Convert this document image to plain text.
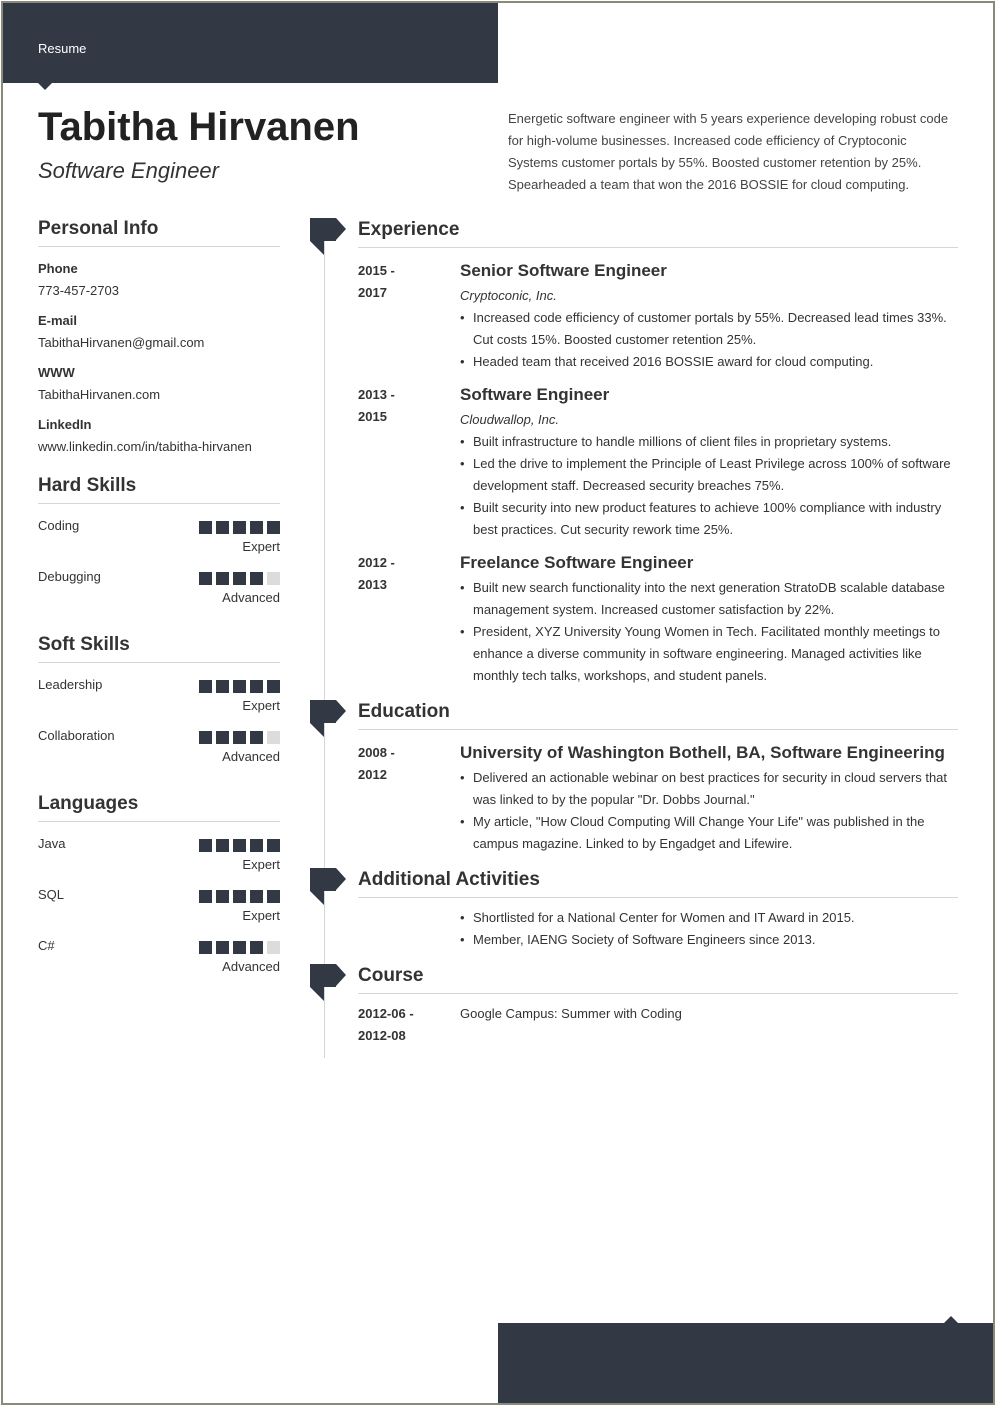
Resume
Tabitha Hirvanen
Software Engineer

Energetic software engineer with 5 years experience developing robust code for high-volume businesses. Increased code efficiency of Cryptoconic Systems customer portals by 55%. Boosted customer retention by 25%. Spearheaded a team that won the 2016 BOSSIE for cloud computing.

Personal Info
Phone
773-457-2703
E-mail
TabithaHirvanen@gmail.com
WWW
TabithaHirvanen.com
LinkedIn
www.linkedin.com/in/tabitha-hirvanen
Hard Skills
Coding
Expert
Debugging
Advanced
Soft Skills
Leadership
Expert
Collaboration
Advanced
Languages
Java
Expert
SQL
Expert
C#
Advanced
Experience
2015 -
2017
Senior Software Engineer
Cryptoconic, Inc.
• Increased code efficiency of customer portals by 55%. Decreased lead times 33%. Cut costs 15%. Boosted customer retention 25%.
• Headed team that received 2016 BOSSIE award for cloud computing.
2013 -
2015
Software Engineer
Cloudwallop, Inc.
• Built infrastructure to handle millions of client files in proprietary systems.
• Led the drive to implement the Principle of Least Privilege across 100% of software development staff. Decreased security breaches 75%.
• Built security into new product features to achieve 100% compliance with industry best practices. Cut security rework time 25%.
2012 -
2013
Freelance Software Engineer
• Built new search functionality into the next generation StratoDB scalable database management system. Increased customer satisfaction by 22%.
• President, XYZ University Young Women in Tech. Facilitated monthly meetings to enhance a diverse community in software engineering. Managed activities like monthly tech talks, workshops, and student panels.
Education
2008 -
2012
University of Washington Bothell, BA, Software Engineering
• Delivered an actionable webinar on best practices for security in cloud servers that was linked to by the popular "Dr. Dobbs Journal."
• My article, "How Cloud Computing Will Change Your Life" was published in the campus magazine. Linked to by Engadget and Lifewire.
Additional Activities
• Shortlisted for a National Center for Women and IT Award in 2015.
• Member, IAENG Society of Software Engineers since 2013.
Course
2012-06 -
2012-08
Google Campus: Summer with Coding
